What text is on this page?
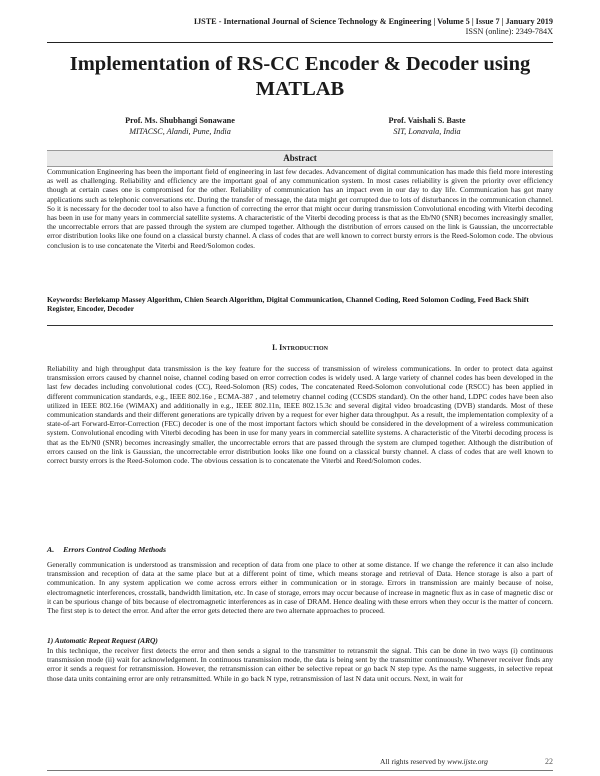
IJSTE - International Journal of Science Technology & Engineering | Volume 5 | Issue 7 | January 2019
ISSN (online): 2349-784X
Implementation of RS-CC Encoder & Decoder using MATLAB
Prof. Ms. Shubhangi Sonawane
MITACSC, Alandi, Pune, India
Prof. Vaishali S. Baste
SIT, Lonavala, India
Abstract

Communication Engineering has been the important field of engineering in last few decades. Advancement of digital communication has made this field more interesting as well as challenging. Reliability and efficiency are the important goal of any communication system. In most cases reliability is given the priority over efficiency though at certain cases one is compromised for the other. Reliability of communication has an impact even in our day to day life. Communication has got many applications such as telephonic conversations etc. During the transfer of message, the data might get corrupted due to lots of disturbances in the communication channel. So it is necessary for the decoder tool to also have a function of correcting the error that might occur during transmission Convolutional encoding with Viterbi decoding has been in use for many years in commercial satellite systems. A characteristic of the Viterbi decoding process is that as the Eb/N0 (SNR) becomes increasingly smaller, the uncorrectable errors that are passed through the system are clumped together. Although the distribution of errors caused on the link is Gaussian, the uncorrectable error distribution looks like one found on a classical bursty channel. A class of codes that are well known to correct bursty errors is the Reed-Solomon code. The obvious conclusion is to use concatenate the Viterbi and Reed/Solomon codes.

Keywords: Berlekamp Massey Algorithm, Chien Search Algorithm, Digital Communication, Channel Coding, Reed Solomon Coding, Feed Back Shift Register, Encoder, Decoder

I. Introduction

Reliability and high throughput data transmission is the key feature for the success of transmission of wireless communications. In order to protect data against transmission errors caused by channel noise, channel coding based on error correction codes is widely used. A large variety of channel codes has been developed in the last few decades including convolutional codes (CC), Reed-Solomon (RS) codes, The concatenated Reed-Solomon convolutional code (RSCC) has been applied in different communication standards, e.g., IEEE 802.16e , ECMA-387 , and telemetry channel coding (CCSDS standard). On the other hand, LDPC codes have been also utilized in IEEE 802.16e (WiMAX) and additionally in e.g., IEEE 802.11n, IEEE 802.15.3c and several digital video broadcasting (DVB) standards. Most of these communication standards and their different generations are typically driven by a request for ever higher data throughput. As a result, the implementation complexity of a state-of-art Forward-Error-Correction (FEC) decoder is one of the most important factors which should be considered in the development of a wireless communication system. Convolutional encoding with Viterbi decoding has been in use for many years in commercial satellite systems. A characteristic of the Viterbi decoding process is that as the Eb/N0 (SNR) becomes increasingly smaller, the uncorrectable errors that are passed through the system are clumped together. Although the distribution of errors caused on the link is Gaussian, the uncorrectable error distribution looks like one found on a classical bursty channel. A class of codes that are well known to correct bursty errors is the Reed-Solomon code. The obvious cessation is to concatenate the Viterbi and Reed/Solomon codes.

A. Errors Control Coding Methods

Generally communication is understood as transmission and reception of data from one place to other at some distance. If we change the reference it can also include transmission and reception of data at the same place but at a different point of time, which means storage and retrieval of Data. Hence storage is also a part of communication. In any system application we come across errors either in communication or in storage. Errors in transmission are mainly because of noise, electromagnetic interferences, crosstalk, bandwidth limitation, etc. In case of storage, errors may occur because of increase in magnetic flux as in case of magnetic disc or it can be spurious change of bits because of electromagnetic interferences as in case of DRAM. Hence dealing with these errors when they occur is the matter of concern. The first step is to detect the error. And after the error gets detected there are two alternate approaches to proceed.

1) Automatic Repeat Request (ARQ)

In this technique, the receiver first detects the error and then sends a signal to the transmitter to retransmit the signal. This can be done in two ways (i) continuous transmission mode (ii) wait for acknowledgement. In continuous transmission mode, the data is being sent by the transmitter continuously. Whenever receiver finds any error it sends a request for retransmission. However, the retransmission can either be selective repeat or go back N step type. As the name suggests, in selective repeat those data units containing error are only retransmitted. While in go back N type, retransmission of last N data unit occurs. Next, in wait for

All rights reserved by www.ijste.org	22
